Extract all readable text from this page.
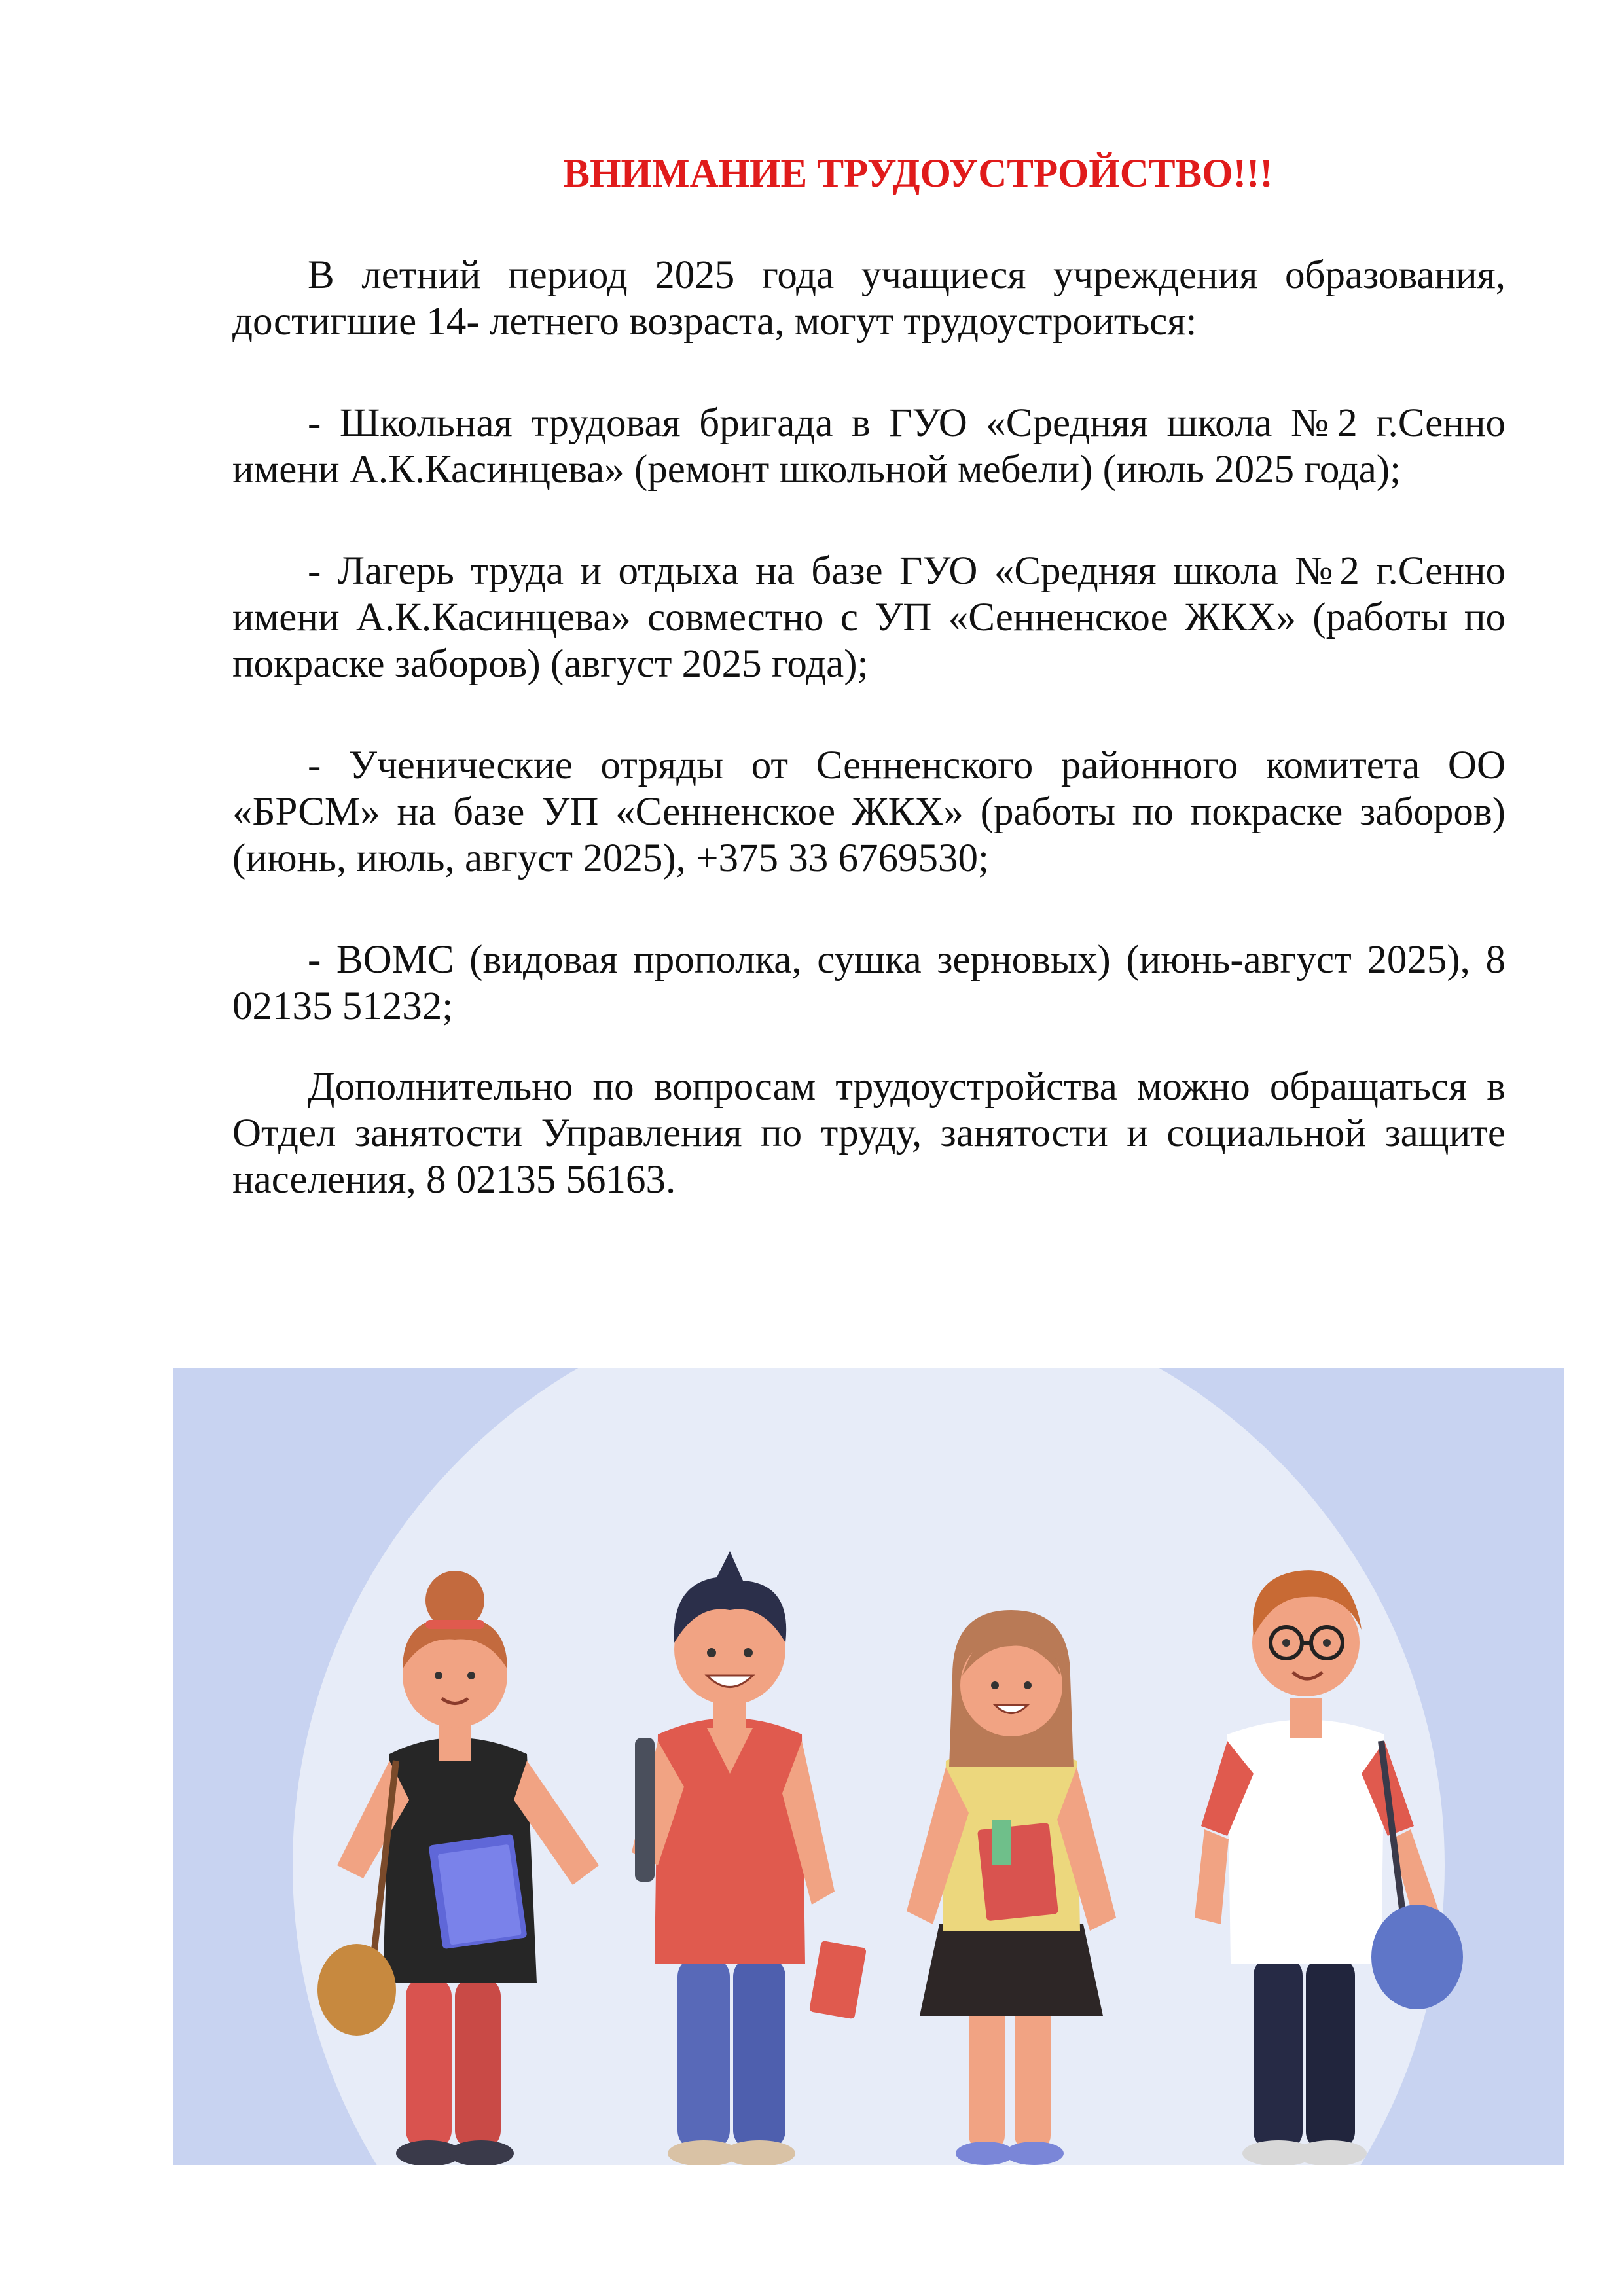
ВНИМАНИЕ ТРУДОУСТРОЙСТВО!!!

В летний период 2025 года учащиеся учреждения образования, достигшие 14- летнего возраста, могут трудоустроиться:

- Школьная трудовая бригада в ГУО «Средняя школа №2 г.Сенно имени А.К.Касинцева» (ремонт школьной мебели) (июль 2025 года);

- Лагерь труда и отдыха на базе ГУО «Средняя школа №2 г.Сенно имени А.К.Касинцева» совместно с УП «Сенненское ЖКХ» (работы по покраске заборов) (август 2025 года);

- Ученические отряды от Сенненского районного комитета ОО «БРСМ» на базе УП «Сенненское ЖКХ» (работы по покраске заборов) (июнь, июль, август 2025), +375 33 6769530;

- ВОМС (видовая прополка, сушка зерновых) (июнь-август 2025), 8 02135 51232;

Дополнительно по вопросам трудоустройства можно обращаться в Отдел занятости Управления по труду, занятости и социальной защите населения, 8 02135 56163.
